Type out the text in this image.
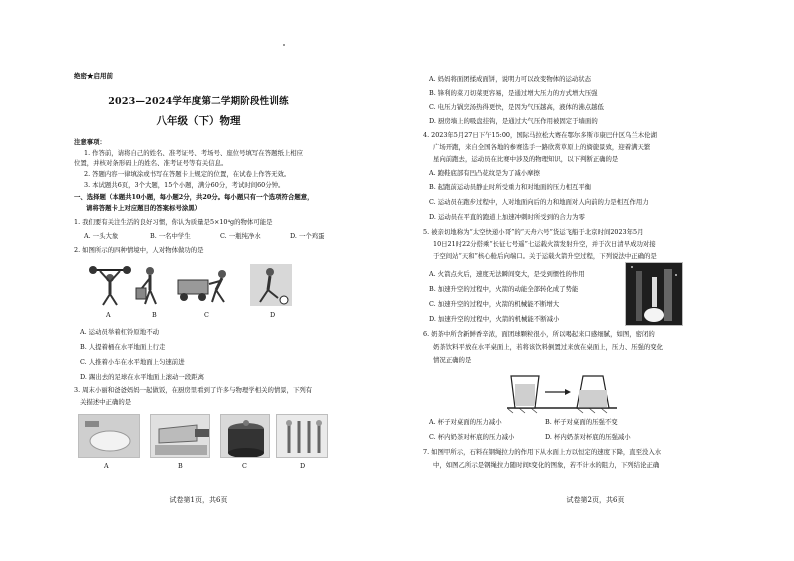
绝密★启用前
2023—2024学年度第二学期阶段性训练
八年级（下）物理
注意事项：
1. 作答前，请将自己的姓名、准考证号、考场号、座位号填写在答题纸上相应
位置，并核对条形码上的姓名、准考证号等有关信息。
2. 答题内容一律填涂或书写在答题卡上规定的位置，在试卷上作答无效。
3. 本试题共6页，3个大题，15个小题，满分60分，考试时间60分钟。
一、选择题（本题共10小题，每小题2分，共20分。每小题只有一个选项符合题意，
请将答题卡上对应题目的答案标号涂黑）
1. 我们要有关注生活的良好习惯，你认为质量是5×10⁴g的物体可能是
A. 一头大象	B. 一名中学生	C. 一瓶纯净水	D. 一个鸡蛋
2. 如图所示的四种情境中，人对物体做功的是
A	B	C	D
A. 运动员举着杠铃原地不动
B. 人提着桶在水平地面上行走
C. 人推着小车在水平地面上匀速前进
D. 踢出去的足球在水平地面上滚动一段距离
3. 周末小丽和爸爸妈妈一起做饭，在厨房里看到了许多与物理学相关的情景，下列有
关描述中正确的是
A	B	C	D
试卷第1页，共6页
A. 妈妈将面团揉成面饼，说明力可以改变物体的运动状态
B. 锋利的菜刀切菜更容易，是通过增大压力的方式增大压强
C. 电压力锅烹汤热得更快，是因为气压越高，液体的沸点越低
D. 厨房墙上的吸盘挂钩，是通过大气压作用被固定于墙面的
4. 2023年5月27日下午15:00，国际马拉松大赛在鄂尔多斯市康巴什区乌兰木伦湖
广场开跑，来自全国各地的参赛选手一路欣赏草原上的旖旎景致，迎着满天繁
星向前跑去，运动员在比赛中涉及的物理知识，以下判断正确的是
A. 跑鞋底部有凹凸花纹是为了减小摩擦
B. 起跑前运动员静止时所受重力和对地面的压力相互平衡
C. 运动员在跑步过程中，人对地面向后的力和地面对人向前的力是相互作用力
D. 运动员在平直的跑道上加速冲刺时所受到的合力为零
5. 被亲切地称为“太空快递小哥”的“天舟六号”货运飞船于北京时间2023年5月
10日21时22分搭乘“长征七号遥”七运载火箭发射升空，并于次日清早成功对接
于空间站“天和”核心舱后向端口。关于运载火箭升空过程，下列说法中正确的是
A. 火箭点火后，速度无法瞬间变大，是受到惯性的作用
B. 加速升空的过程中，火箭的动能全部转化成了势能
C. 加速升空的过程中，火箭的机械能不断增大
D. 加速升空的过程中，火箭的机械能不断减小
6. 奶茶中所含新鲜香辛浓，面团球颗粒很小，所以喝起来口感细腻，如图，密闭的
奶茶饮料平放在水平桌面上，若将该饮料倒置过来放在桌面上，压力、压强的变化
情况正确的是
A. 杯子对桌面的压力减小	B. 杯子对桌面的压强不变
C. 杯内奶茶对杯底的压力减小	D. 杯内奶茶对杯底的压强减小
7. 如图甲所示，石料在钢绳拉力的作用下从水面上方以恒定的速度下降，直至没入水
中，如图乙所示是钢绳拉力随时间t变化的图象，若不计水的阻力，下列结论正确
试卷第2页，共6页
